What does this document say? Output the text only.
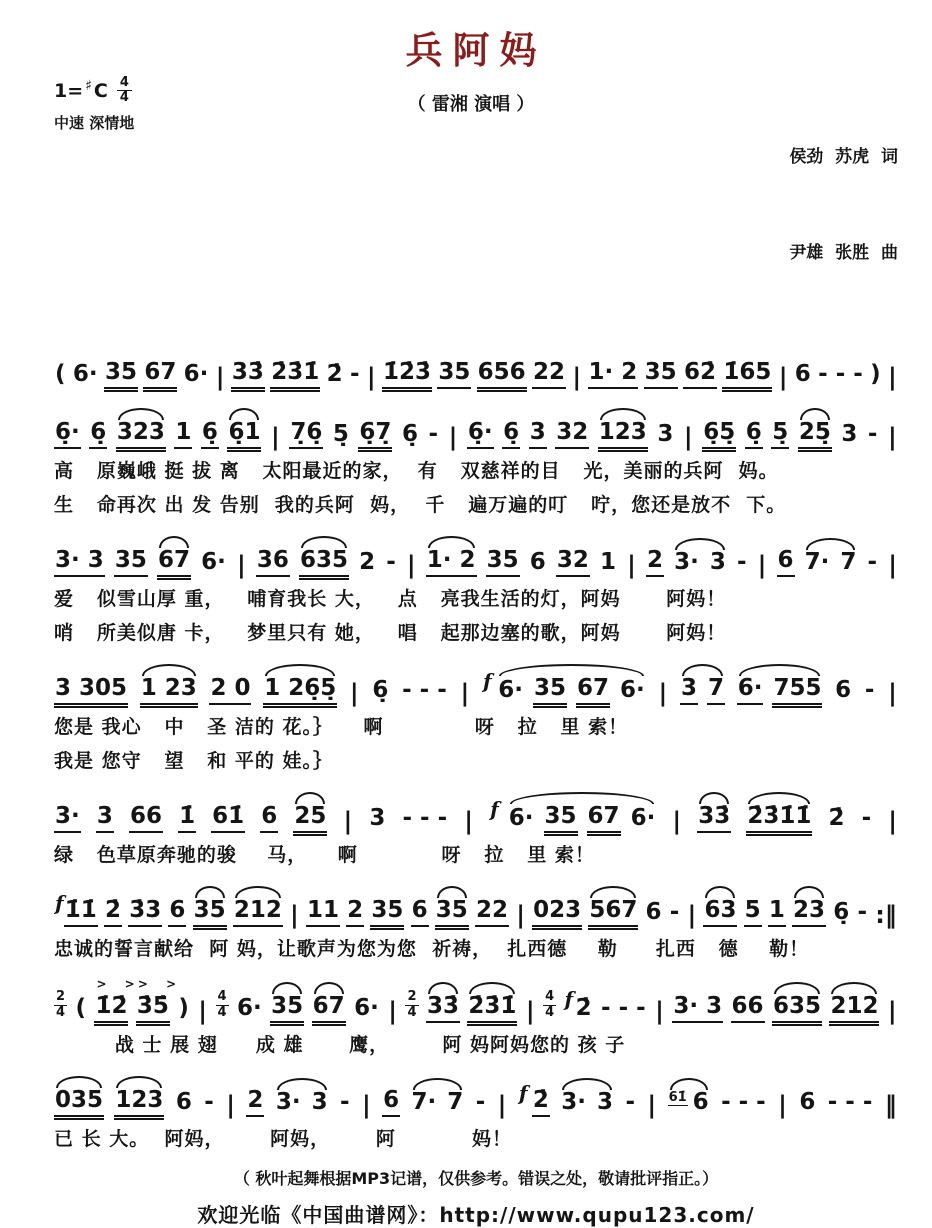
兵阿妈
1= ♯ C 4
4
中速 深情地
（ 雷湘 演唱 ）

侯劲  苏虎  词

尹雄  张胜  曲

( 6· 35 67 6· | 33̇ 2̇3̇1̇ 2̇ - | 1̇2̇3̇ 35 656 22 | 1· 2 35 62̇ 1̇65 | 6 - - - ) |
6̣· 6̣ 323 1 6̣ 6̣1 | 7̣6̣ 5̣ 6̣7̣ 6̣ - | 6̣· 6̣ 3 32 123 3 | 6̣5̣ 6̣ 5̣ 25̣ 3 - |
高   原巍峨 挺 拔 离   太阳最近的家，  有   双慈祥的目   光，美丽的兵阿  妈。
生   命再次 出 发 告别  我的兵阿  妈，  千   遍万遍的叮   咛，您还是放不  下。
3· 3 35 67 6· | 36 635 2 - | 1· 2 35 6 32 1 | 2 3· 3 - | 6 7· 7 - |
爱   似雪山厚 重，   哺育我长 大，   点   亮我生活的灯，阿妈      阿妈！
哨   所美似唐 卡，   梦里只有 她，   唱   起那边塞的歌，阿妈      阿妈！
3 305 1 23 2 0 1 26̣5̣ | 6̣ - - - | f 6· 35 67 6· | 3 7 6· 755 6 - |
您是 我心   中   圣 洁的 花。｝    啊            呀   拉   里 索！
我是 您守   望   和 平的 娃。｝
3· 3 66 1̇ 61̇ 6 25 | 3 - - - | f 6· 35 67 6· | 33̇ 2̇3̇1̇1̇ 2̇ - |
绿   色草原奔驰的骏    马，    啊           呀   拉   里 索！
f 1̇1̇ 2̇ 3̇3 6 35 212 | 11 2 35 6 35 22 | 023 567 6 - | 63 5 1 23 6̣ - :‖
忠诚的誓言献给  阿 妈，让歌声为您为您  祈祷，  扎西德    勒     扎西   德    勒！
2
4 (
> >
1̇2̇
> >
3̇5̇ ) |
4
4 6· 35 67 6· |
2
4 33̇ 2̇3̇1̇ |
4
4
f 2̇ - - - | 3· 3 66 635 212 |
战 士 展 翅     成 雄      鹰，       阿 妈阿妈您的 孩 子
035 123 6 - | 2 3· 3 - | 6 7· 7 - | f 2̇ 3· 3 - | 61̇ 6 - - - | 6 - - - ‖
已 长 大。  阿妈，      阿妈，      阿          妈！
（ 秋叶起舞根据MP3记谱，仅供参考。错误之处，敬请批评指正。）
欢迎光临《中国曲谱网》：http://www.qupu123.com/
